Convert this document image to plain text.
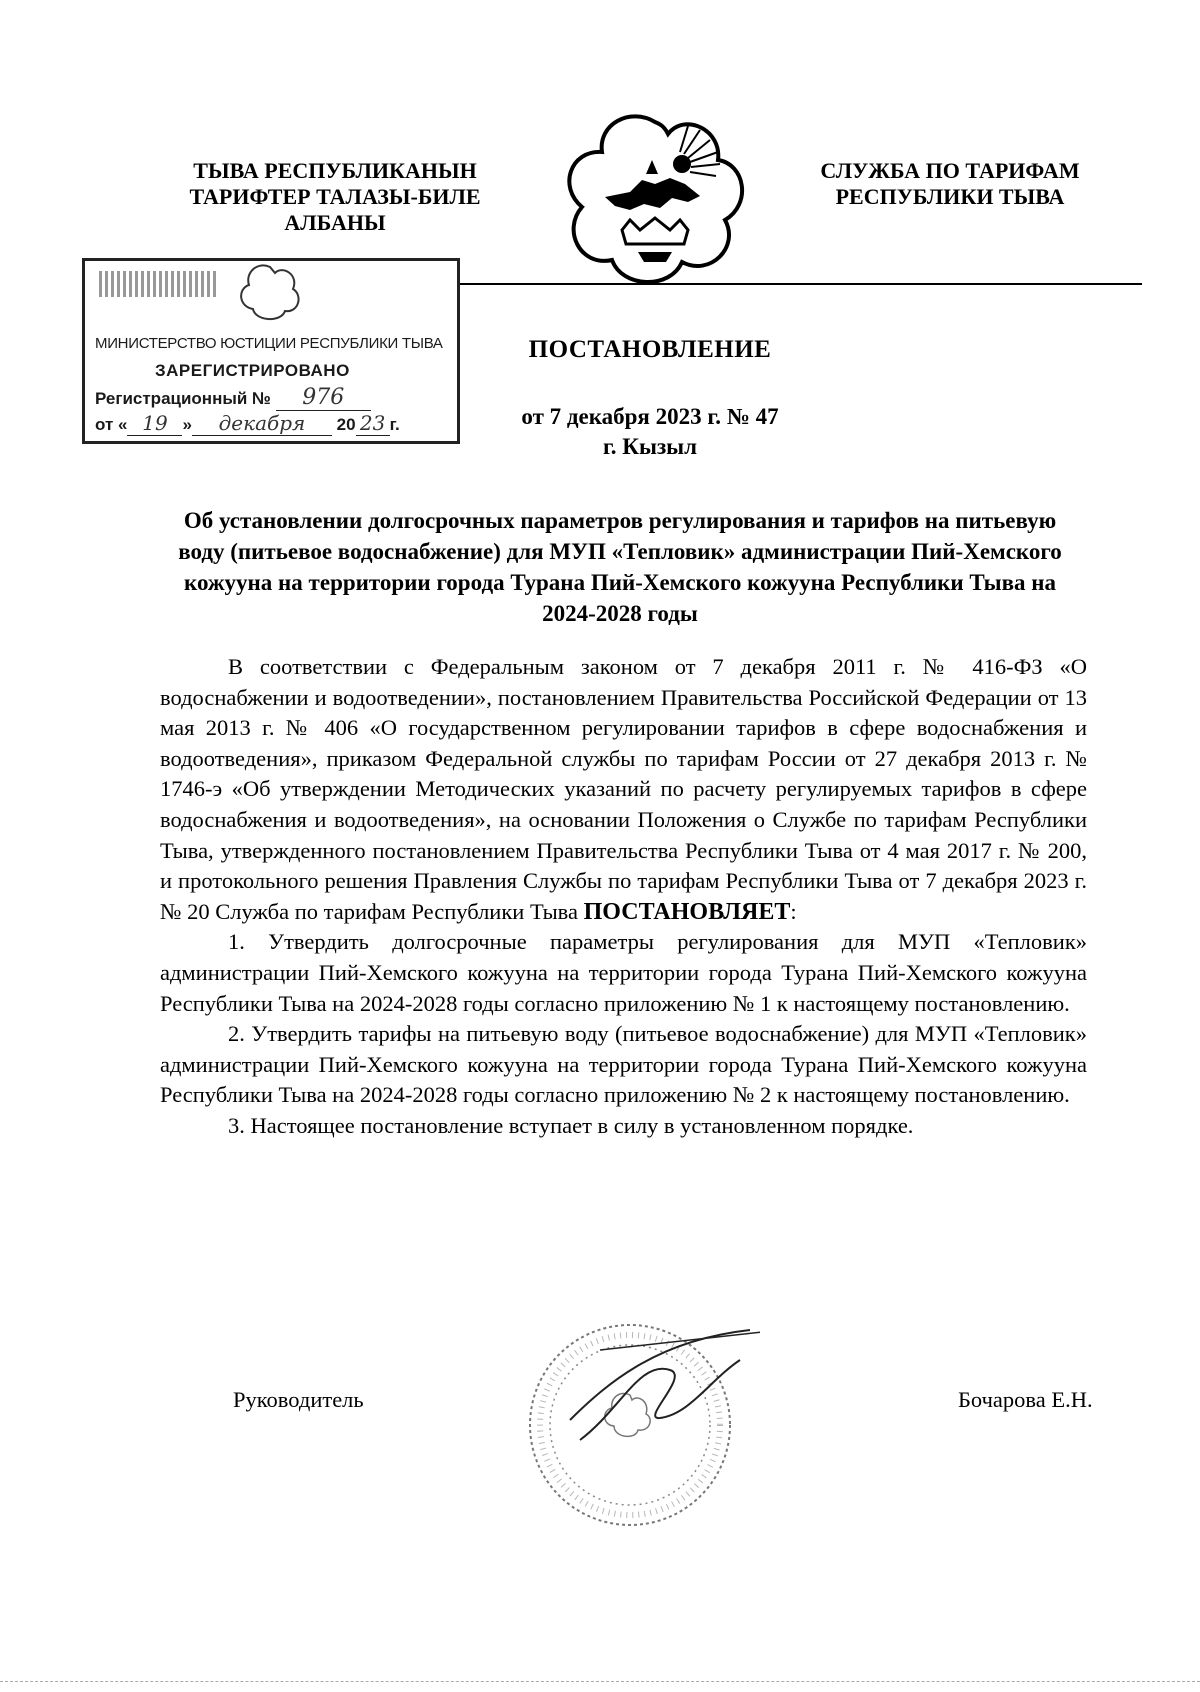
ТЫВА РЕСПУБЛИКАНЫН
ТАРИФТЕР ТАЛАЗЫ-БИЛЕ
АЛБАНЫ
СЛУЖБА ПО ТАРИФАМ
РЕСПУБЛИКИ ТЫВА
МИНИСТЕРСТВО ЮСТИЦИИ РЕСПУБЛИКИ ТЫВА
ЗАРЕГИСТРИРОВАНО
Регистрационный № 976
от « 19 » декабря 20 23 г.
ПОСТАНОВЛЕНИЕ
от 7 декабря 2023 г. № 47
г. Кызыл
Об установлении долгосрочных параметров регулирования и тарифов на питьевую воду (питьевое водоснабжение) для МУП «Тепловик» администрации Пий-Хемского кожууна на территории города Турана Пий-Хемского кожууна Республики Тыва на 2024-2028 годы

В соответствии с Федеральным законом от 7 декабря 2011 г. № 416-ФЗ «О водоснабжении и водоотведении», постановлением Правительства Российской Федерации от 13 мая 2013 г. № 406 «О государственном регулировании тарифов в сфере водоснабжения и водоотведения», приказом Федеральной службы по тарифам России от 27 декабря 2013 г. № 1746-э «Об утверждении Методических указаний по расчету регулируемых тарифов в сфере водоснабжения и водоотведения», на основании Положения о Службе по тарифам Республики Тыва, утвержденного постановлением Правительства Республики Тыва от 4 мая 2017 г. № 200, и протокольного решения Правления Службы по тарифам Республики Тыва от 7 декабря 2023 г. № 20 Служба по тарифам Республики Тыва ПОСТАНОВЛЯЕТ:

1. Утвердить долгосрочные параметры регулирования для МУП «Тепловик» администрации Пий-Хемского кожууна на территории города Турана Пий-Хемского кожууна Республики Тыва на 2024-2028 годы согласно приложению № 1 к настоящему постановлению.

2. Утвердить тарифы на питьевую воду (питьевое водоснабжение) для МУП «Тепловик» администрации Пий-Хемского кожууна на территории города Турана Пий-Хемского кожууна Республики Тыва на 2024-2028 годы согласно приложению № 2 к настоящему постановлению.

3. Настоящее постановление вступает в силу в установленном порядке.

Руководитель	Бочарова Е.Н.
